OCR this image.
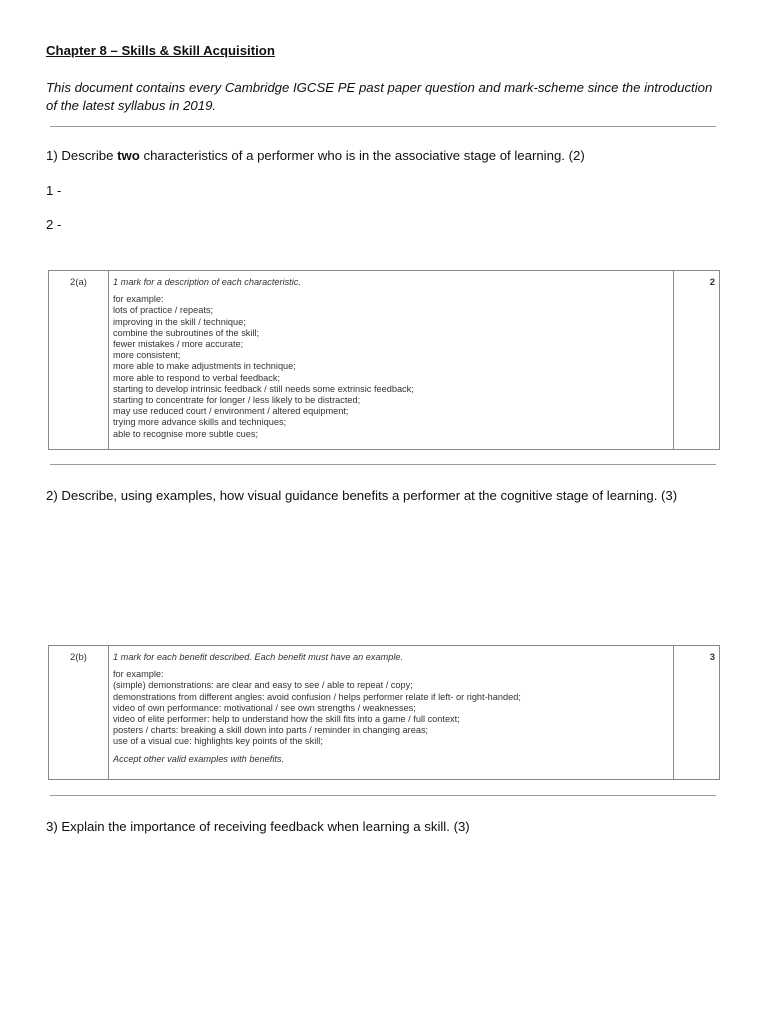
Chapter 8 – Skills & Skill Acquisition
This document contains every Cambridge IGCSE PE past paper question and mark-scheme since the introduction of the latest syllabus in 2019.
1) Describe two characteristics of a performer who is in the associative stage of learning. (2)
1 -
2 -
2(a)	1 mark for a description of each characteristic.
for example:
lots of practice / repeats;
improving in the skill / technique;
combine the subroutines of the skill;
fewer mistakes / more accurate;
more consistent;
more able to make adjustments in technique;
more able to respond to verbal feedback;
starting to develop intrinsic feedback / still needs some extrinsic feedback;
starting to concentrate for longer / less likely to be distracted;
may use reduced court / environment / altered equipment;
trying more advance skills and techniques;
able to recognise more subtle cues;
2
2) Describe, using examples, how visual guidance benefits a performer at the cognitive stage of learning. (3)
2(b)	1 mark for each benefit described. Each benefit must have an example.
for example:
(simple) demonstrations: are clear and easy to see / able to repeat / copy;
demonstrations from different angles: avoid confusion / helps performer relate if left- or right-handed;
video of own performance: motivational / see own strengths / weaknesses;
video of elite performer: help to understand how the skill fits into a game / full context;
posters / charts: breaking a skill down into parts / reminder in changing areas;
use of a visual cue: highlights key points of the skill;
Accept other valid examples with benefits.
3
3) Explain the importance of receiving feedback when learning a skill. (3)
